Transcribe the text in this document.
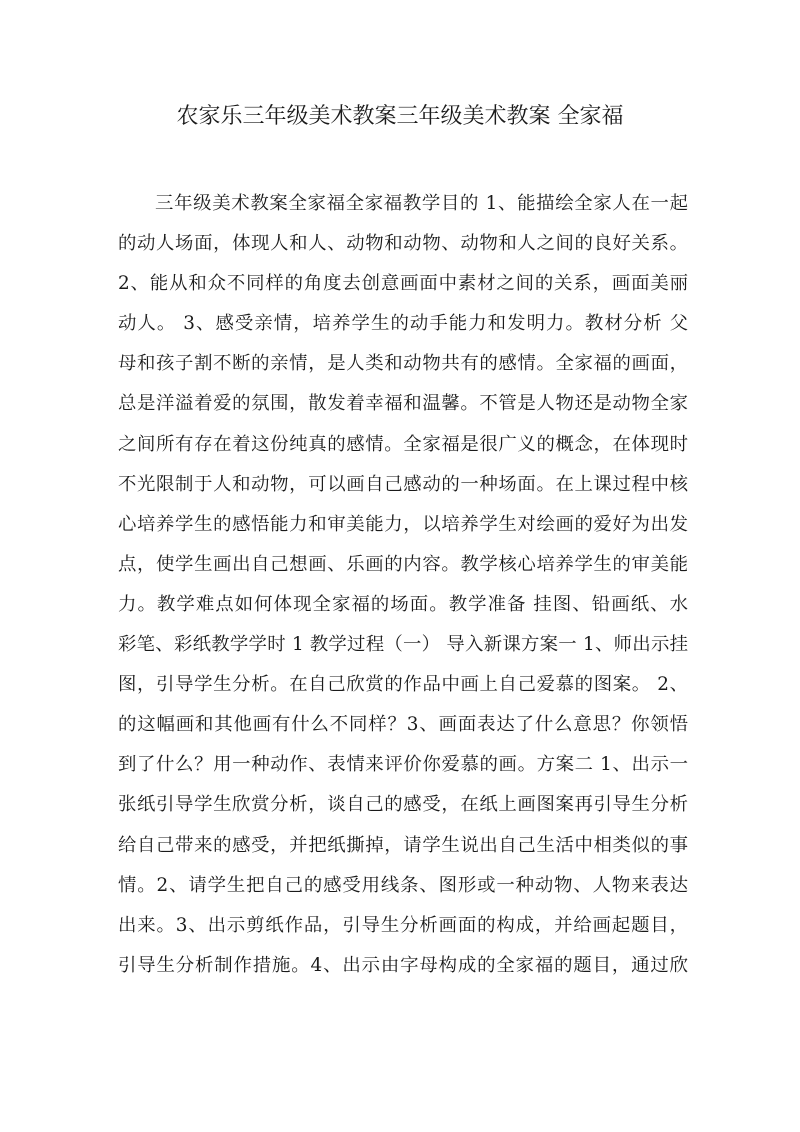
农家乐三年级美术教案三年级美术教案 全家福
三年级美术教案全家福全家福教学目的 1、能描绘全家人在一起
的动人场面，体现人和人、动物和动物、动物和人之间的良好关系。
2、能从和众不同样的角度去创意画面中素材之间的关系，画面美丽
动人。 3、感受亲情，培养学生的动手能力和发明力。教材分析 父
母和孩子割不断的亲情，是人类和动物共有的感情。全家福的画面，
总是洋溢着爱的氛围，散发着幸福和温馨。不管是人物还是动物全家
之间所有存在着这份纯真的感情。全家福是很广义的概念，在体现时
不光限制于人和动物，可以画自己感动的一种场面。在上课过程中核
心培养学生的感悟能力和审美能力，以培养学生对绘画的爱好为出发
点，使学生画出自己想画、乐画的内容。教学核心培养学生的审美能
力。教学难点如何体现全家福的场面。教学准备 挂图、铅画纸、水
彩笔、彩纸教学学时 1 教学过程（一） 导入新课方案一 1、师出示挂
图，引导学生分析。在自己欣赏的作品中画上自己爱慕的图案。 2、
的这幅画和其他画有什么不同样？3、画面表达了什么意思？你领悟
到了什么？用一种动作、表情来评价你爱慕的画。方案二 1、出示一
张纸引导学生欣赏分析，谈自己的感受，在纸上画图案再引导生分析
给自己带来的感受，并把纸撕掉，请学生说出自己生活中相类似的事
情。2、请学生把自己的感受用线条、图形或一种动物、人物来表达
出来。3、出示剪纸作品，引导生分析画面的构成，并给画起题目，
引导生分析制作措施。4、出示由字母构成的全家福的题目，通过欣
